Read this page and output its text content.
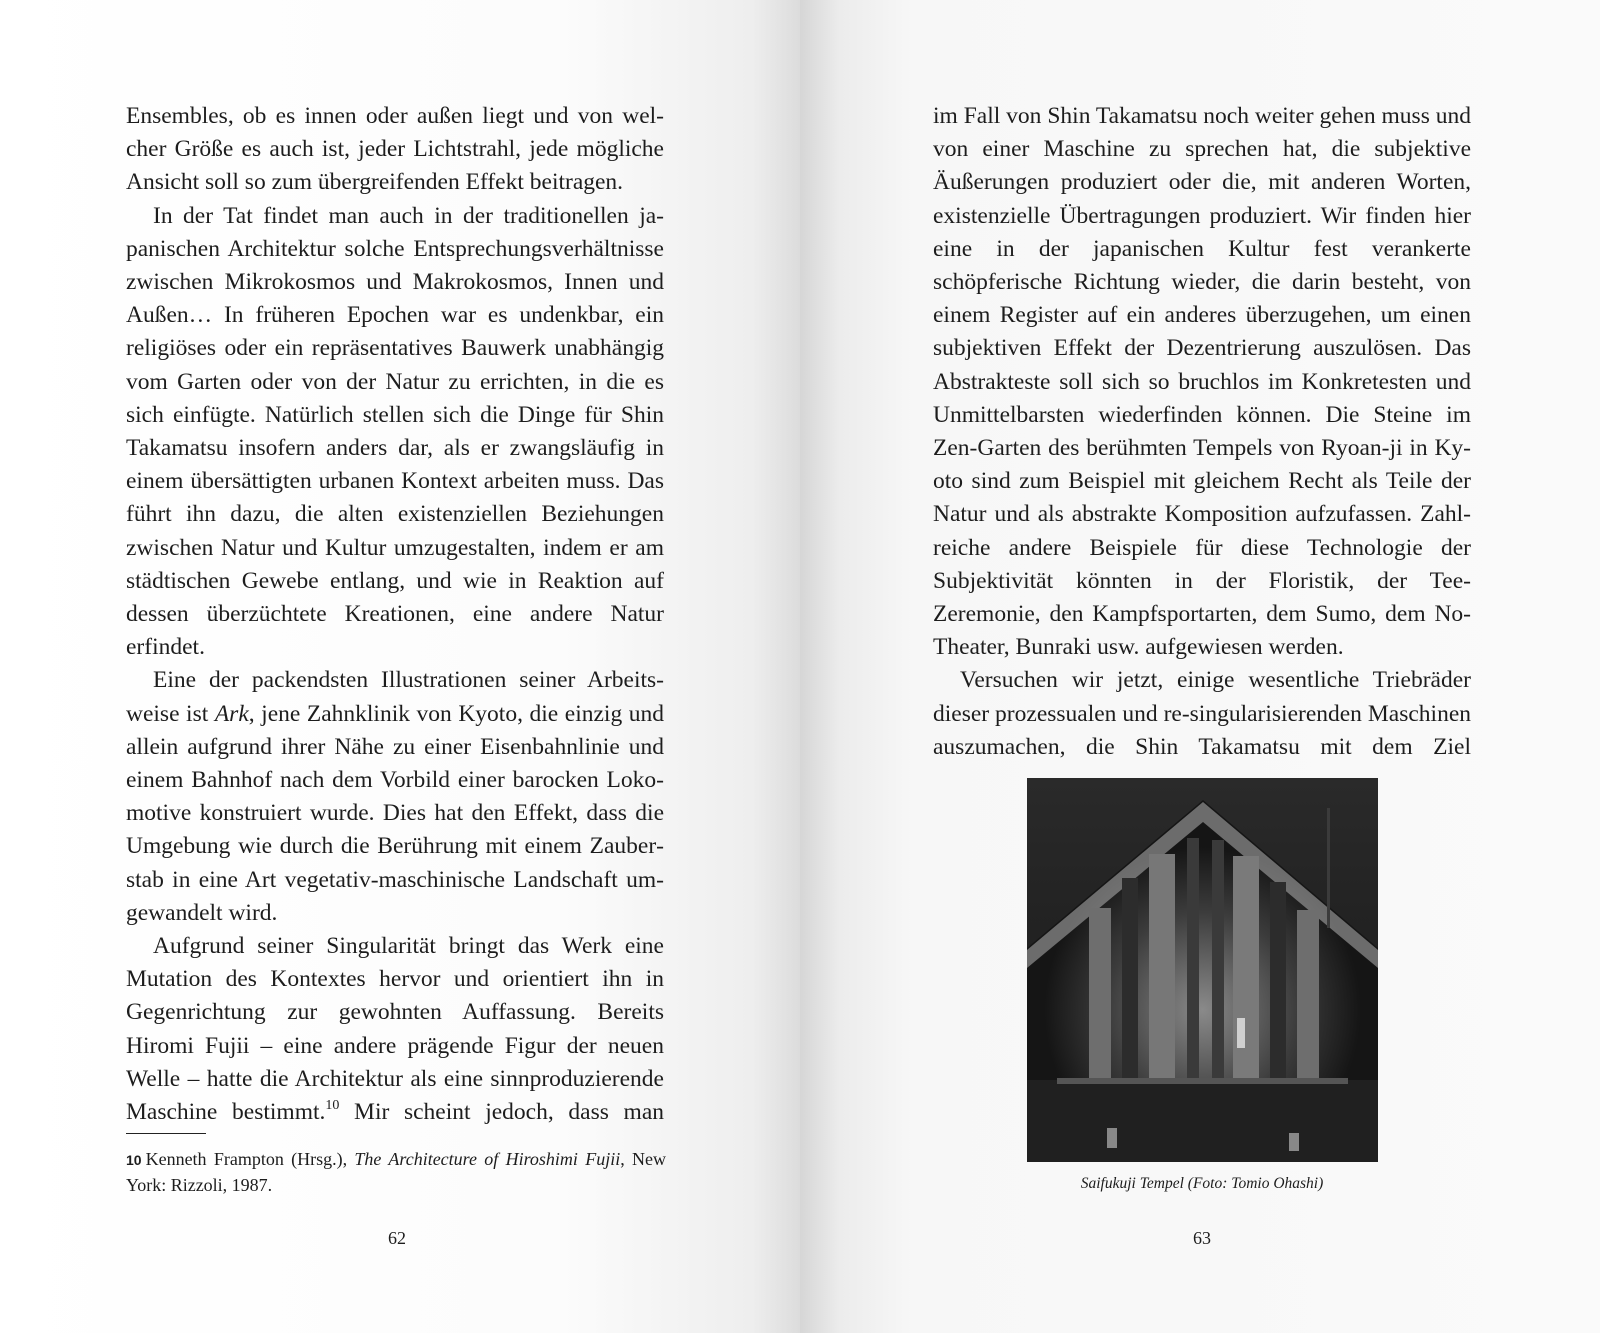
Ensembles, ob es innen oder außen liegt und von welcher Größe es auch ist, jeder Lichtstrahl, jede mögliche Ansicht soll so zum übergreifenden Effekt beitragen.

In der Tat findet man auch in der traditionellen japanischen Architektur solche Entsprechungsverhältnisse zwischen Mikrokosmos und Makrokosmos, Innen und Außen… In früheren Epochen war es undenkbar, ein religiöses oder ein repräsentatives Bauwerk unabhängig vom Garten oder von der Natur zu errichten, in die es sich einfügte. Natürlich stellen sich die Dinge für Shin Takamatsu insofern anders dar, als er zwangsläufig in einem übersättigten urbanen Kontext arbeiten muss. Das führt ihn dazu, die alten existenziellen Beziehungen zwischen Natur und Kultur umzugestalten, indem er am städtischen Gewebe entlang, und wie in Reaktion auf dessen überzüchtete Kreationen, eine andere Natur erfindet.

Eine der packendsten Illustrationen seiner Arbeitsweise ist Ark, jene Zahnklinik von Kyoto, die einzig und allein aufgrund ihrer Nähe zu einer Eisenbahnlinie und einem Bahnhof nach dem Vorbild einer barocken Lokomotive konstruiert wurde. Dies hat den Effekt, dass die Umgebung wie durch die Berührung mit einem Zauberstab in eine Art vegetativ-maschinische Landschaft umgewandelt wird.

Aufgrund seiner Singularität bringt das Werk eine Mutation des Kontextes hervor und orientiert ihn in Gegenrichtung zur gewohnten Auffassung. Bereits Hiromi Fujii – eine andere prägende Figur der neuen Welle – hatte die Architektur als eine sinnproduzierende Maschine bestimmt.$^{10}$ Mir scheint jedoch, dass man

10 Kenneth Frampton (Hrsg.), The Architecture of Hiroshimi Fujii, New York: Rizzoli, 1987.
62

im Fall von Shin Takamatsu noch weiter gehen muss und von einer Maschine zu sprechen hat, die subjektive Äußerungen produziert oder die, mit anderen Worten, existenzielle Übertragungen produziert. Wir finden hier eine in der japanischen Kultur fest verankerte schöpferische Richtung wieder, die darin besteht, von einem Register auf ein anderes überzugehen, um einen subjektiven Effekt der Dezentrierung auszulösen. Das Abstrakteste soll sich so bruchlos im Konkretesten und Unmittelbarsten wiederfinden können. Die Steine im Zen-Garten des berühmten Tempels von Ryoan-ji in Kyoto sind zum Beispiel mit gleichem Recht als Teile der Natur und als abstrakte Komposition aufzufassen. Zahlreiche andere Beispiele für diese Technologie der Subjektivität könnten in der Floristik, der Tee-Zeremonie, den Kampfsportarten, dem Sumo, dem No-Theater, Bunraki usw. aufgewiesen werden.

Versuchen wir jetzt, einige wesentliche Triebräder dieser prozessualen und re-singularisierenden Maschinen auszumachen, die Shin Takamatsu mit dem Ziel

Saifukuji Tempel (Foto: Tomio Ohashi)
63
